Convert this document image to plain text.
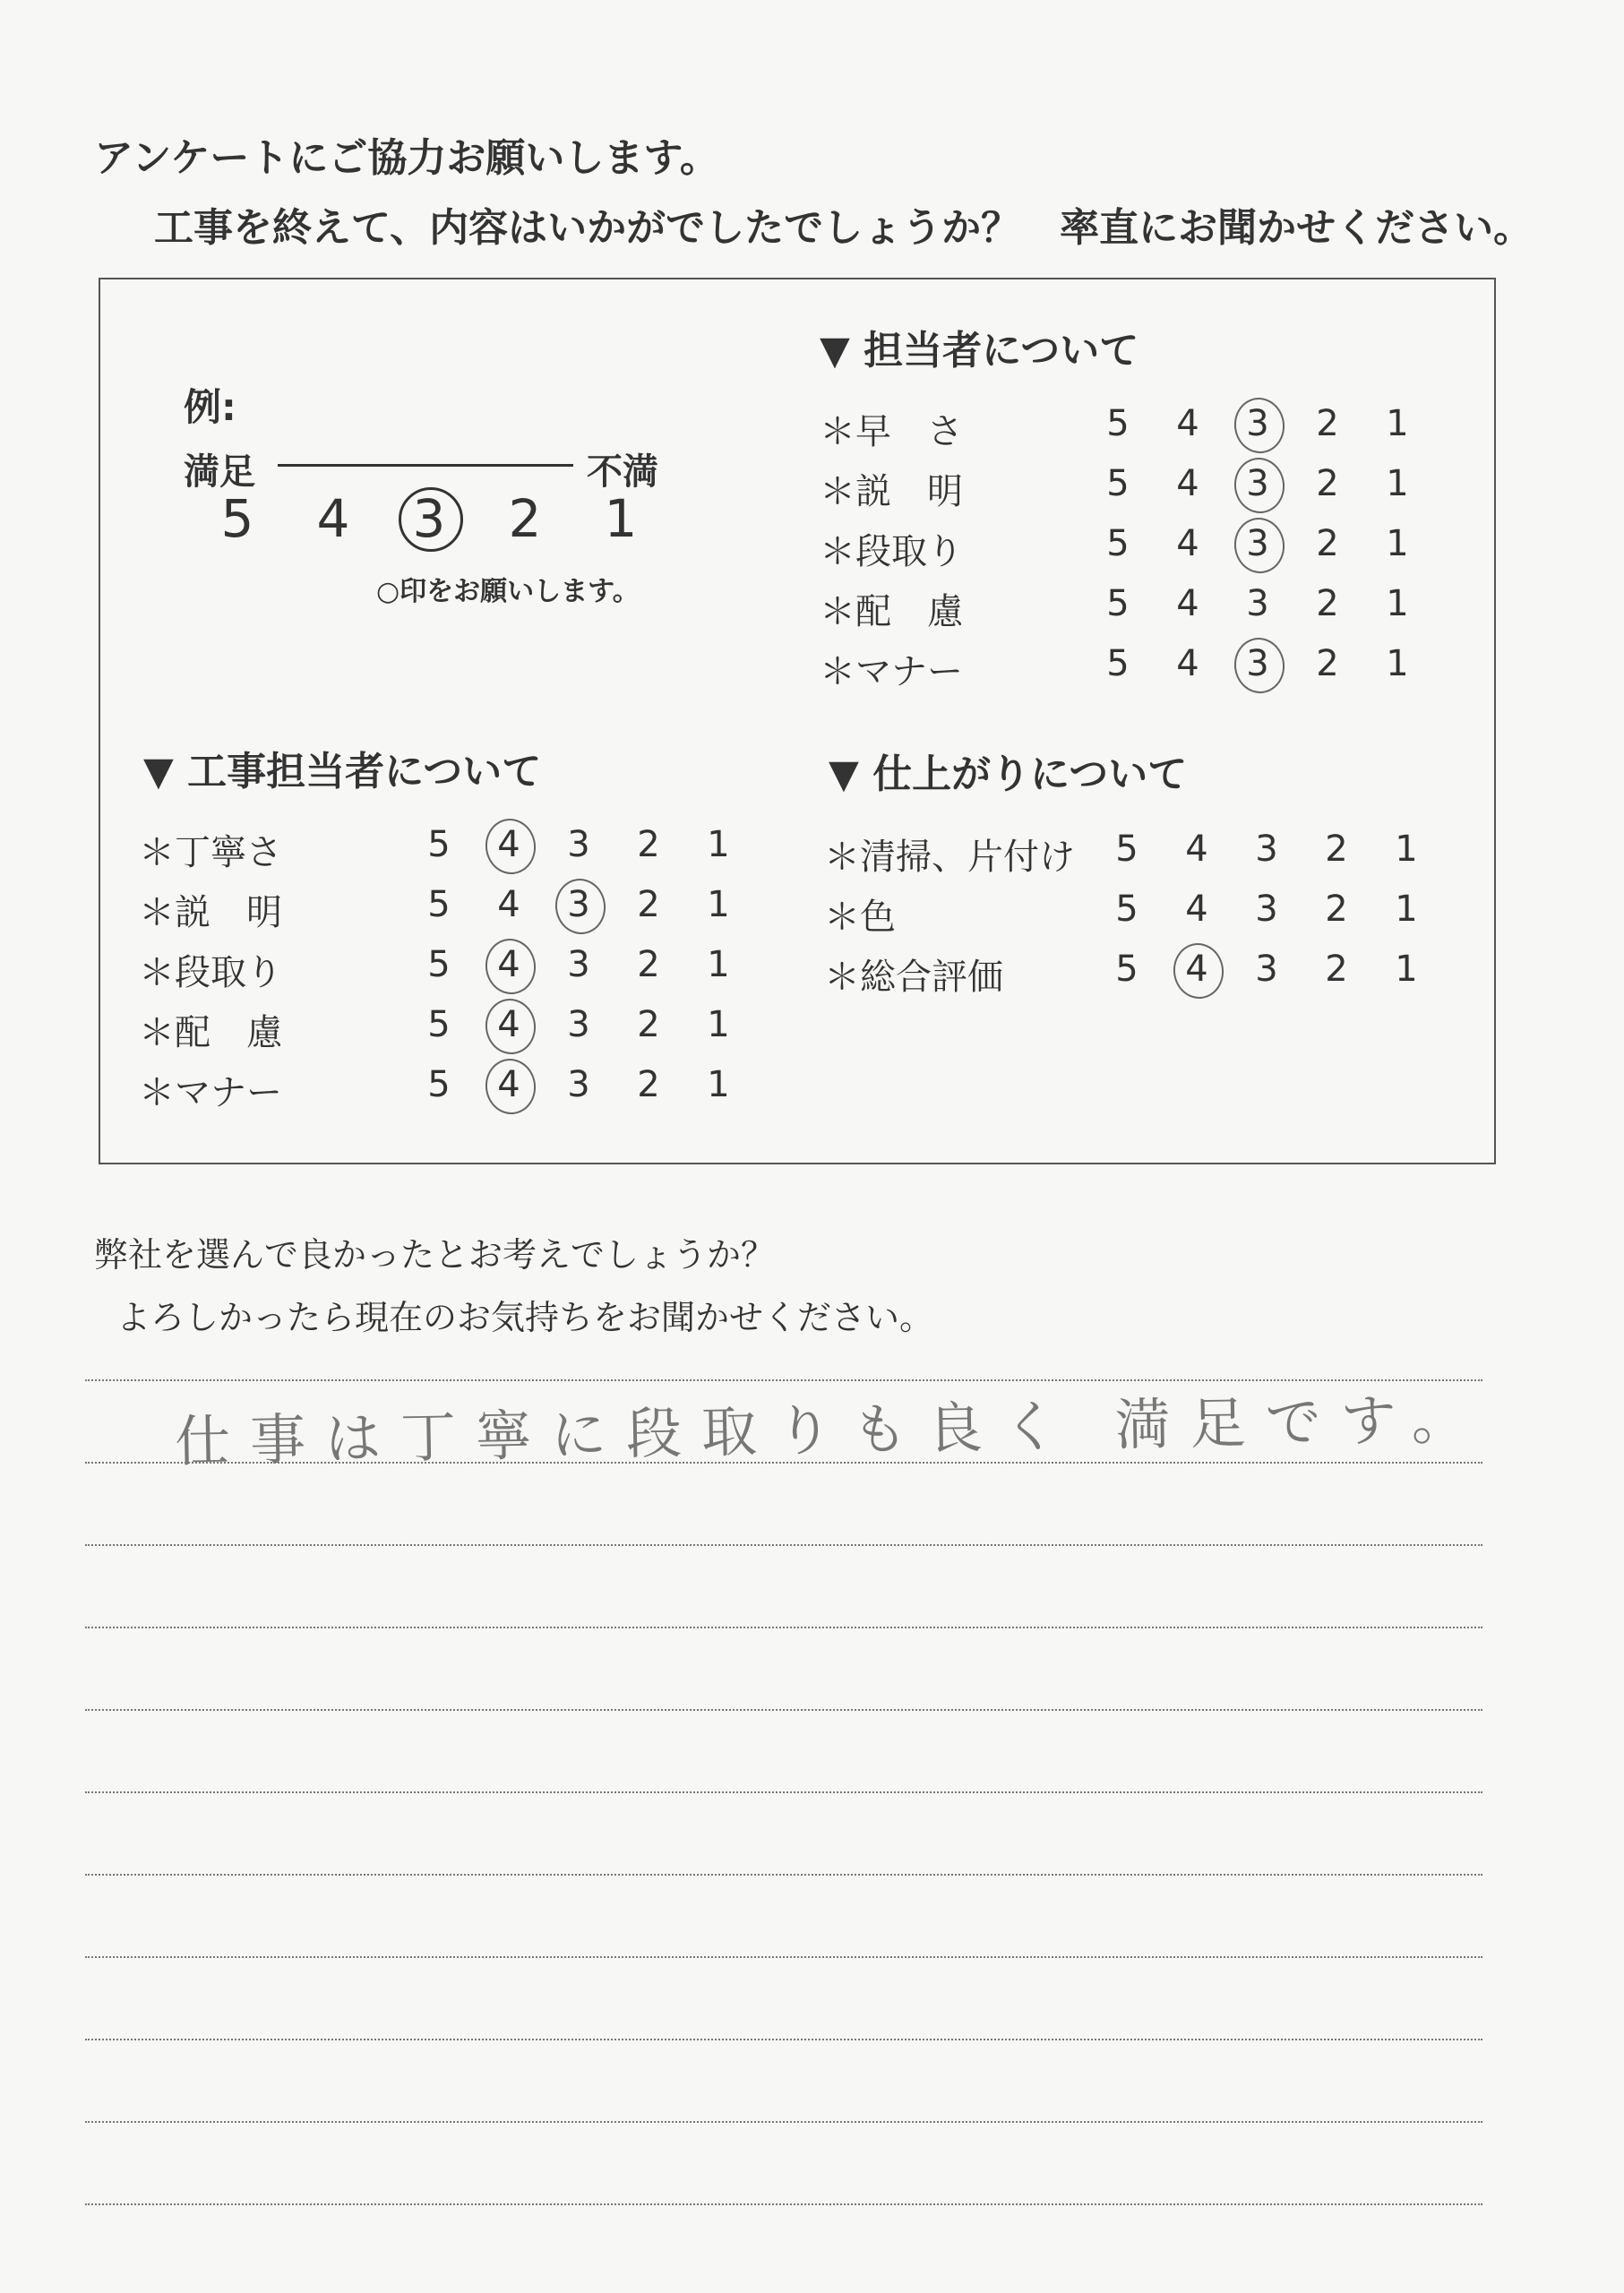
アンケートにご協力お願いします。
工事を終えて、内容はいかがでしたでしょうか？　率直にお聞かせください。
例:
満足	不満
5 4 3 2 1
○印をお願いします。
▼ 担当者について
＊早　さ	5 4 3 2 1
＊説　明	5 4 3 2 1
＊段取り	5 4 3 2 1
＊配　慮	5 4 3 2 1
＊マナー	5 4 3 2 1
▼ 工事担当者について
＊丁寧さ	5 4 3 2 1
＊説　明	5 4 3 2 1
＊段取り	5 4 3 2 1
＊配　慮	5 4 3 2 1
＊マナー	5 4 3 2 1
▼ 仕上がりについて
＊清掃、片付け 5 4 3 2 1
＊色	5 4 3 2 1
＊総合評価	5 4 3 2 1
弊社を選んで良かったとお考えでしょうか？
よろしかったら現在のお気持ちをお聞かせください。
仕事は丁寧に段取りも良く 満足です。
